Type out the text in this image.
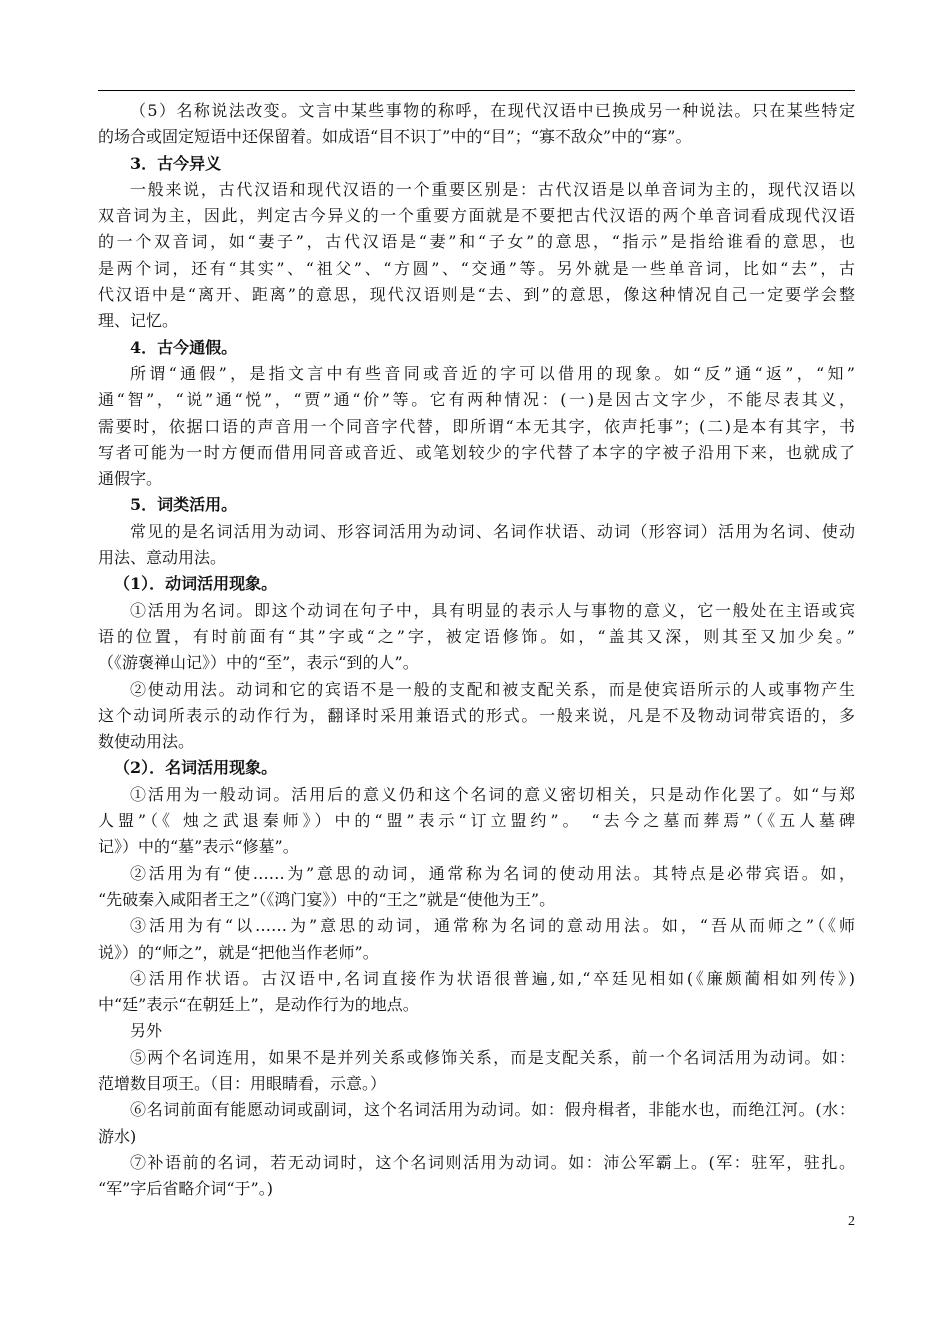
（5）名称说法改变。文言中某些事物的称呼，在现代汉语中已换成另一种说法。只在某些特定
的场合或固定短语中还保留着。如成语“目不识丁”中的“目”；“寡不敌众”中的“寡”。
3．古今异义
一般来说，古代汉语和现代汉语的一个重要区别是：古代汉语是以单音词为主的，现代汉语以
双音词为主，因此，判定古今异义的一个重要方面就是不要把古代汉语的两个单音词看成现代汉语
的一个双音词，如“妻子”，古代汉语是“妻”和“子女”的意思，“指示”是指给谁看的意思，也
是两个词，还有“其实”、“祖父”、“方圆”、“交通”等。另外就是一些单音词，比如“去”，古
代汉语中是“离开、距离”的意思，现代汉语则是“去、到”的意思，像这种情况自己一定要学会整
理、记忆。
4．古今通假。
所谓“通假”，是指文言中有些音同或音近的字可以借用的现象。如“反”通“返”，“知”
通“智”，“说”通“悦”，“贾”通“价”等。它有两种情况：(一)是因古文字少，不能尽表其义，
需要时，依据口语的声音用一个同音字代替，即所谓“本无其字，依声托事”；(二)是本有其字，书
写者可能为一时方便而借用同音或音近、或笔划较少的字代替了本字的字被子沿用下来，也就成了
通假字。
5．词类活用。
常见的是名词活用为动词、形容词活用为动词、名词作状语、动词（形容词）活用为名词、使动
用法、意动用法。
（1）．动词活用现象。
①活用为名词。即这个动词在句子中，具有明显的表示人与事物的意义，它一般处在主语或宾
语的位置，有时前面有“其”字或“之”字，被定语修饰。如，“盖其又深，则其至又加少矣。”
（《游褒禅山记》）中的“至”，表示“到的人”。
②使动用法。动词和它的宾语不是一般的支配和被支配关系，而是使宾语所示的人或事物产生
这个动词所表示的动作行为，翻译时采用兼语式的形式。一般来说，凡是不及物动词带宾语的，多
数使动用法。
（2）．名词活用现象。
①活用为一般动词。活用后的意义仍和这个名词的意义密切相关，只是动作化罢了。如“与郑
人盟”（《 烛之武退秦师》）中的“盟”表示“订立盟约”。 “去今之墓而葬焉”（《五人墓碑
记》）中的“墓”表示“修墓”。
②活用为有“使……为”意思的动词，通常称为名词的使动用法。其特点是必带宾语。如，
“先破秦入咸阳者王之”（《鸿门宴》）中的“王之”就是“使他为王”。
③活用为有“以……为”意思的动词，通常称为名词的意动用法。如，“吾从而师之”（《师
说》）的“师之”，就是“把他当作老师”。
④活用作状语。古汉语中,名词直接作为状语很普遍,如,“卒廷见相如(《廉颇蔺相如列传》)
中“廷”表示“在朝廷上”，是动作行为的地点。
另外
⑤两个名词连用，如果不是并列关系或修饰关系，而是支配关系，前一个名词活用为动词。如：
范增数目项王。（目：用眼睛看，示意。）
⑥名词前面有能愿动词或副词，这个名词活用为动词。如：假舟楫者，非能水也，而绝江河。(水：
游水)
⑦补语前的名词，若无动词时，这个名词则活用为动词。如：沛公军霸上。(军：驻军，驻扎。
“军”字后省略介词“于”。)
2
